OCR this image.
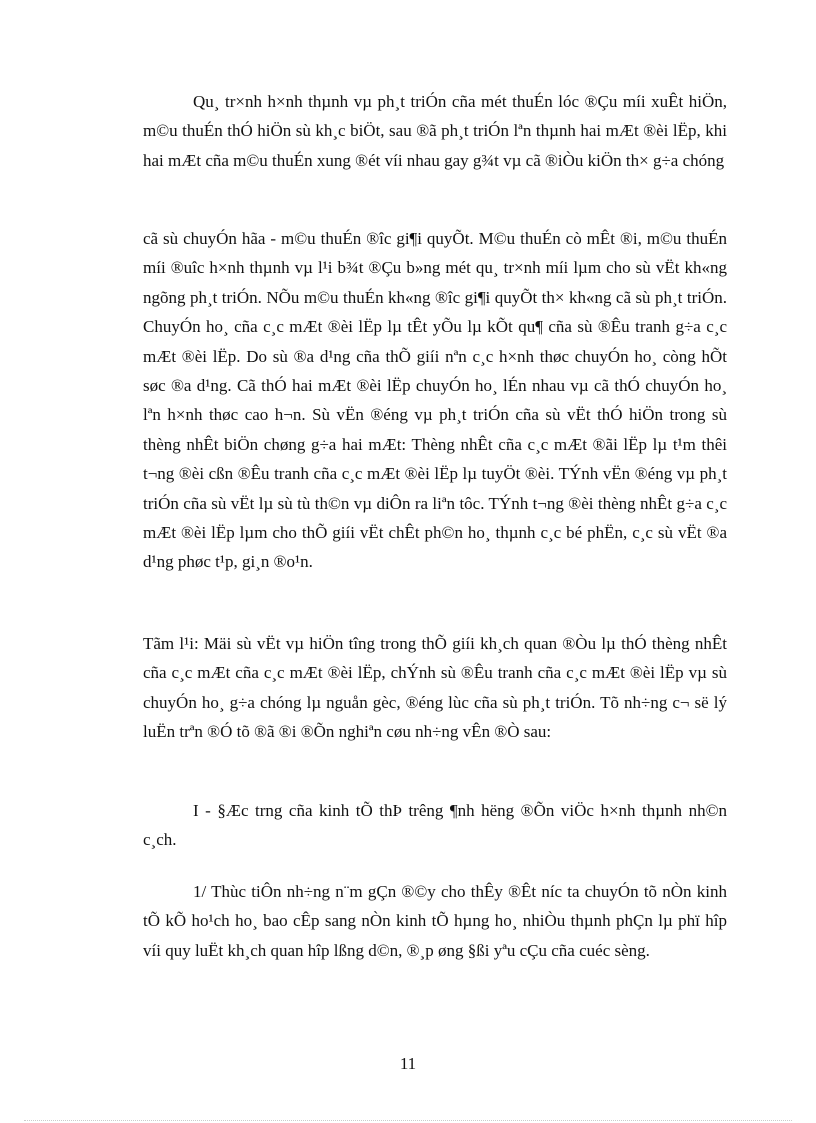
Qu¸ tr×nh h×nh thµnh vµ ph¸t triÓn cña mét thuÉn lóc ®Çu míi xuÊt hiÖn, m©u thuÉn thÓ hiÖn sù kh¸c biÖt, sau ®ã ph¸t triÓn lªn thµnh hai mÆt ®èi lËp, khi hai mÆt cña m©u thuÉn xung ®ét víi nhau gay g¾t vµ cã ®iÒu kiÖn th× g÷a chóng

cã sù chuyÓn hãa - m©u thuÉn ®îc gi¶i quyÕt. M©u thuÉn cò mÊt ®i, m©u thuÉn míi ®uîc h×nh thµnh vµ l¹i b¾t ®Çu b»ng mét qu¸ tr×nh míi lµm cho sù vËt kh«ng ngõng ph¸t triÓn. NÕu m©u thuÉn kh«ng ®îc gi¶i quyÕt th× kh«ng cã sù ph¸t triÓn. ChuyÓn ho¸ cña c¸c mÆt ®èi lËp lµ tÊt yÕu lµ kÕt qu¶ cña sù ®Êu tranh g÷a c¸c mÆt ®èi lËp. Do sù ®a d¹ng cña thÕ giíi nªn c¸c h×nh thøc chuyÓn ho¸ còng hÕt søc ®a d¹ng. Cã thÓ hai mÆt ®èi lËp chuyÓn ho¸ lÉn nhau vµ cã thÓ chuyÓn ho¸ lªn h×nh thøc cao h¬n. Sù vËn ®éng vµ ph¸t triÓn cña sù vËt thÓ hiÖn trong sù thèng nhÊt biÖn chøng g÷a hai mÆt: Thèng nhÊt cña c¸c mÆt ®ãi lËp lµ t¹m thêi t¬ng ®èi cßn ®Êu tranh cña c¸c mÆt ®èi lËp lµ tuyÖt ®èi. TÝnh vËn ®éng vµ ph¸t triÓn cña sù vËt lµ sù tù th©n vµ diÔn ra liªn tôc. TÝnh t¬ng ®èi thèng nhÊt g÷a c¸c mÆt ®èi lËp lµm cho thÕ giíi vËt chÊt ph©n ho¸ thµnh c¸c bé phËn, c¸c sù vËt ®a d¹ng phøc t¹p, gi¸n ®o¹n.

Tãm l¹i: Mäi sù vËt vµ hiÖn tîng trong thÕ giíi kh¸ch quan ®Òu lµ thÓ thèng nhÊt cña c¸c mÆt cña c¸c mÆt ®èi lËp, chÝnh sù ®Êu tranh cña c¸c mÆt ®èi lËp vµ sù chuyÓn ho¸ g÷a chóng lµ nguån gèc, ®éng lùc cña sù ph¸t triÓn. Tõ nh÷ng c¬ së lý luËn trªn ®Ó tõ ®ã ®i ®Õn nghiªn cøu nh÷ng vÊn ®Ò sau:

I - §Æc trng cña kinh tÕ thÞ trêng ¶nh hëng ®Õn viÖc h×nh thµnh nh©n c¸ch.

1/ Thùc tiÔn nh÷ng n¨m gÇn ®©y cho thÊy ®Êt níc ta chuyÓn tõ nÒn kinh tÕ kÕ ho¹ch ho¸ bao cÊp sang nÒn kinh tÕ hµng ho¸ nhiÒu thµnh phÇn lµ phï hîp víi quy luËt kh¸ch quan hîp lßng d©n, ®¸p øng §ßi yªu cÇu cña cuéc sèng.

11
